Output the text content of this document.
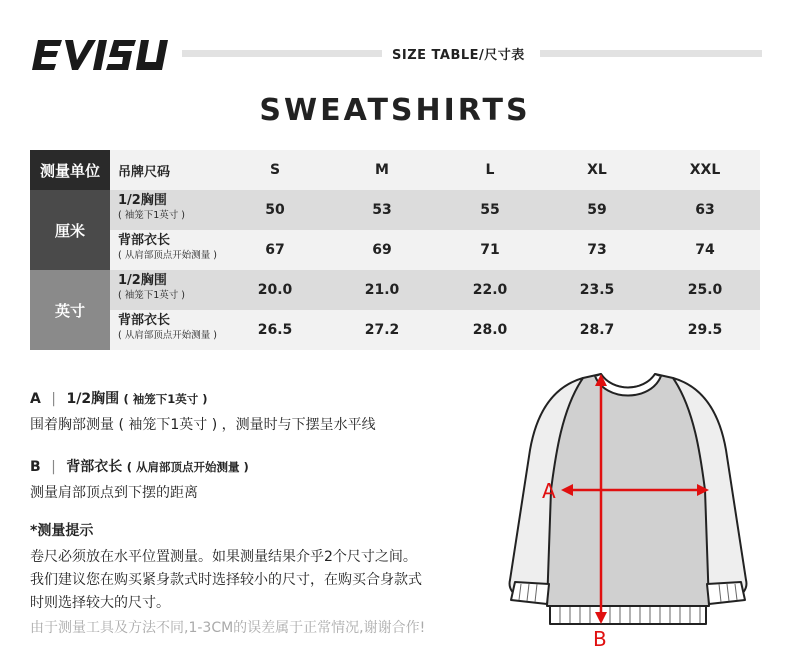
SIZE TABLE/尺寸表
SWEATSHIRTS
测量单位	吊牌尺码	S	M	L	XL	XXL
厘米
1/2胸围
( 袖笼下1英寸 )	50	53	55	59	63
背部衣长
( 从肩部顶点开始测量 )	67	69	71	73	74
英寸
1/2胸围
( 袖笼下1英寸 )	20.0	21.0	22.0	23.5	25.0
背部衣长
( 从肩部顶点开始测量 )	26.5	27.2	28.0	28.7	29.5
A | 1/2胸围 ( 袖笼下1英寸 )
围着胸部测量 ( 袖笼下1英寸 ) ，测量时与下摆呈水平线
B | 背部衣长 ( 从肩部顶点开始测量 )
测量肩部顶点到下摆的距离
*测量提示
卷尺必须放在水平位置测量。如果测量结果介乎2个尺寸之间。
我们建议您在购买紧身款式时选择较小的尺寸，在购买合身款式
时则选择较大的尺寸。
由于测量工具及方法不同,1-3CM的误差属于正常情况,谢谢合作!
A
B
